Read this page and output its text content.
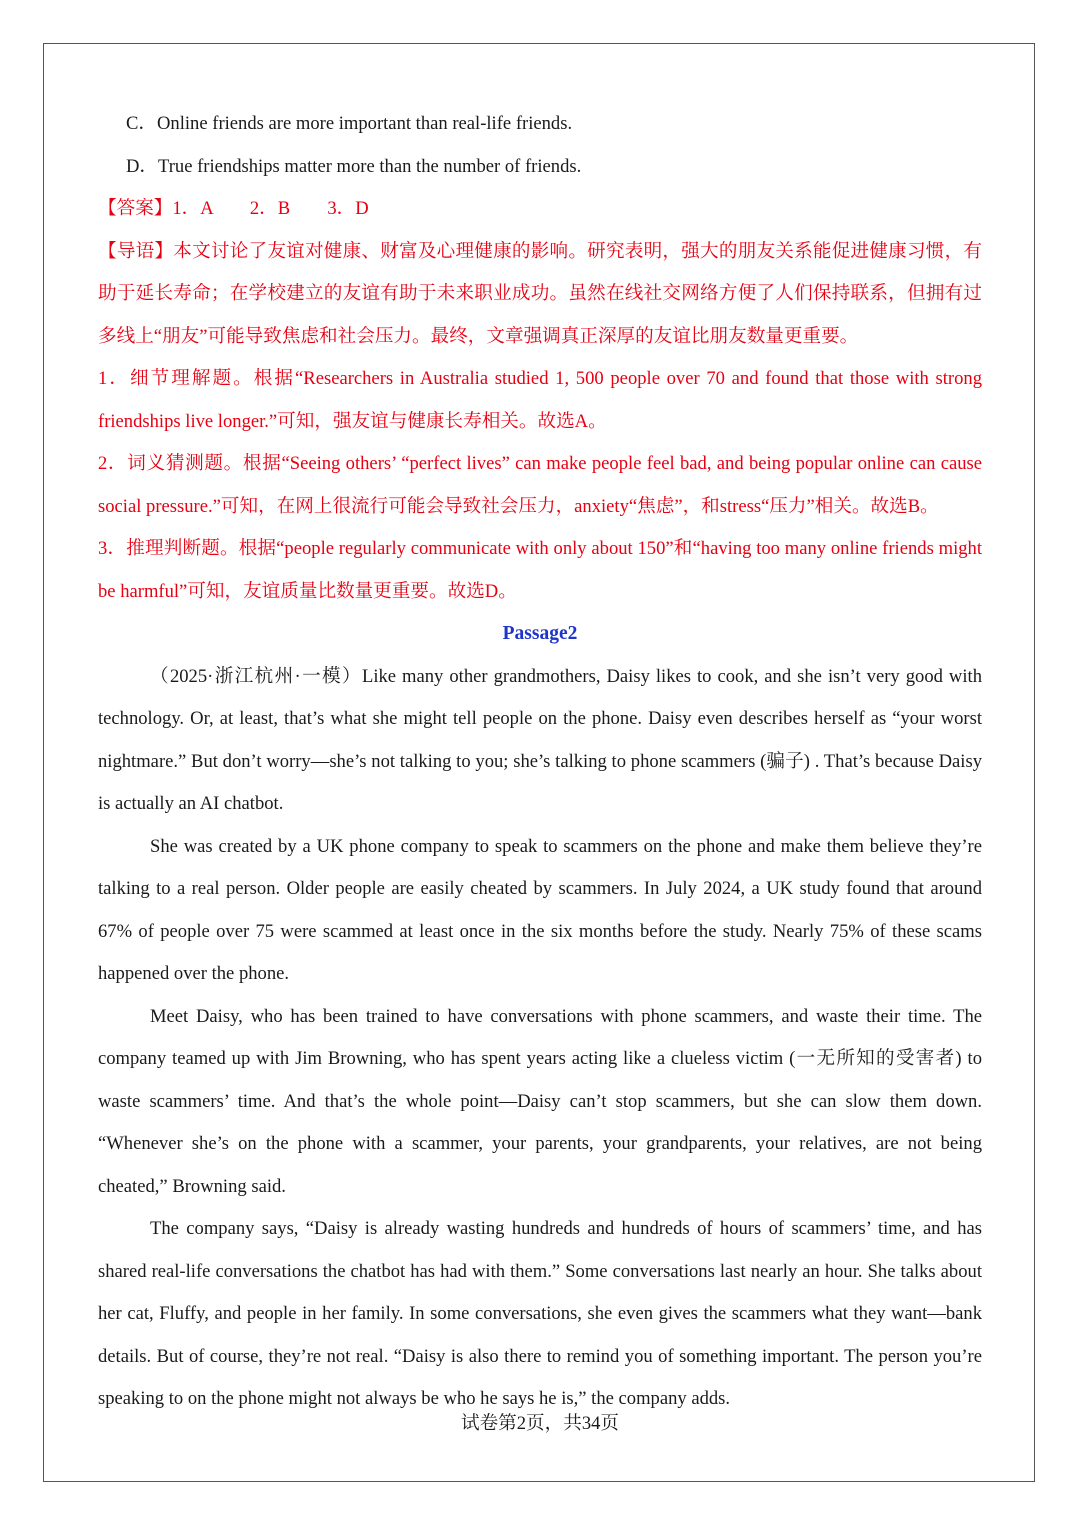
C．Online friends are more important than real-life friends.

D．True friendships matter more than the number of friends.

【答案】1．A　　2．B　　3．D

【导语】本文讨论了友谊对健康、财富及心理健康的影响。研究表明，强大的朋友关系能促进健康习惯，有助于延长寿命；在学校建立的友谊有助于未来职业成功。虽然在线社交网络方便了人们保持联系，但拥有过多线上“朋友”可能导致焦虑和社会压力。最终，文章强调真正深厚的友谊比朋友数量更重要。

1．细节理解题。根据“Researchers in Australia studied 1, 500 people over 70 and found that those with strong friendships live longer.”可知，强友谊与健康长寿相关。故选A。

2．词义猜测题。根据“Seeing others’ “perfect lives” can make people feel bad, and being popular online can cause social pressure.”可知，在网上很流行可能会导致社会压力，anxiety“焦虑”，和stress“压力”相关。故选B。

3．推理判断题。根据“people regularly communicate with only about 150”和“having too many online friends might be harmful”可知，友谊质量比数量更重要。故选D。

Passage2

（2025·浙江杭州·一模）Like many other grandmothers, Daisy likes to cook, and she isn’t very good with technology. Or, at least, that’s what she might tell people on the phone. Daisy even describes herself as “your worst nightmare.” But don’t worry—she’s not talking to you; she’s talking to phone scammers (骗子) . That’s because Daisy is actually an AI chatbot.

She was created by a UK phone company to speak to scammers on the phone and make them believe they’re talking to a real person. Older people are easily cheated by scammers. In July 2024, a UK study found that around 67% of people over 75 were scammed at least once in the six months before the study. Nearly 75% of these scams happened over the phone.

Meet Daisy, who has been trained to have conversations with phone scammers, and waste their time. The company teamed up with Jim Browning, who has spent years acting like a clueless victim (一无所知的受害者) to waste scammers’ time. And that’s the whole point—Daisy can’t stop scammers, but she can slow them down. “Whenever she’s on the phone with a scammer, your parents, your grandparents, your relatives, are not being cheated,” Browning said.

The company says, “Daisy is already wasting hundreds and hundreds of hours of scammers’ time, and has shared real-life conversations the chatbot has had with them.” Some conversations last nearly an hour. She talks about her cat, Fluffy, and people in her family. In some conversations, she even gives the scammers what they want—bank details. But of course, they’re not real. “Daisy is also there to remind you of something important. The person you’re speaking to on the phone might not always be who he says he is,” the company adds.

试卷第2页，共34页
